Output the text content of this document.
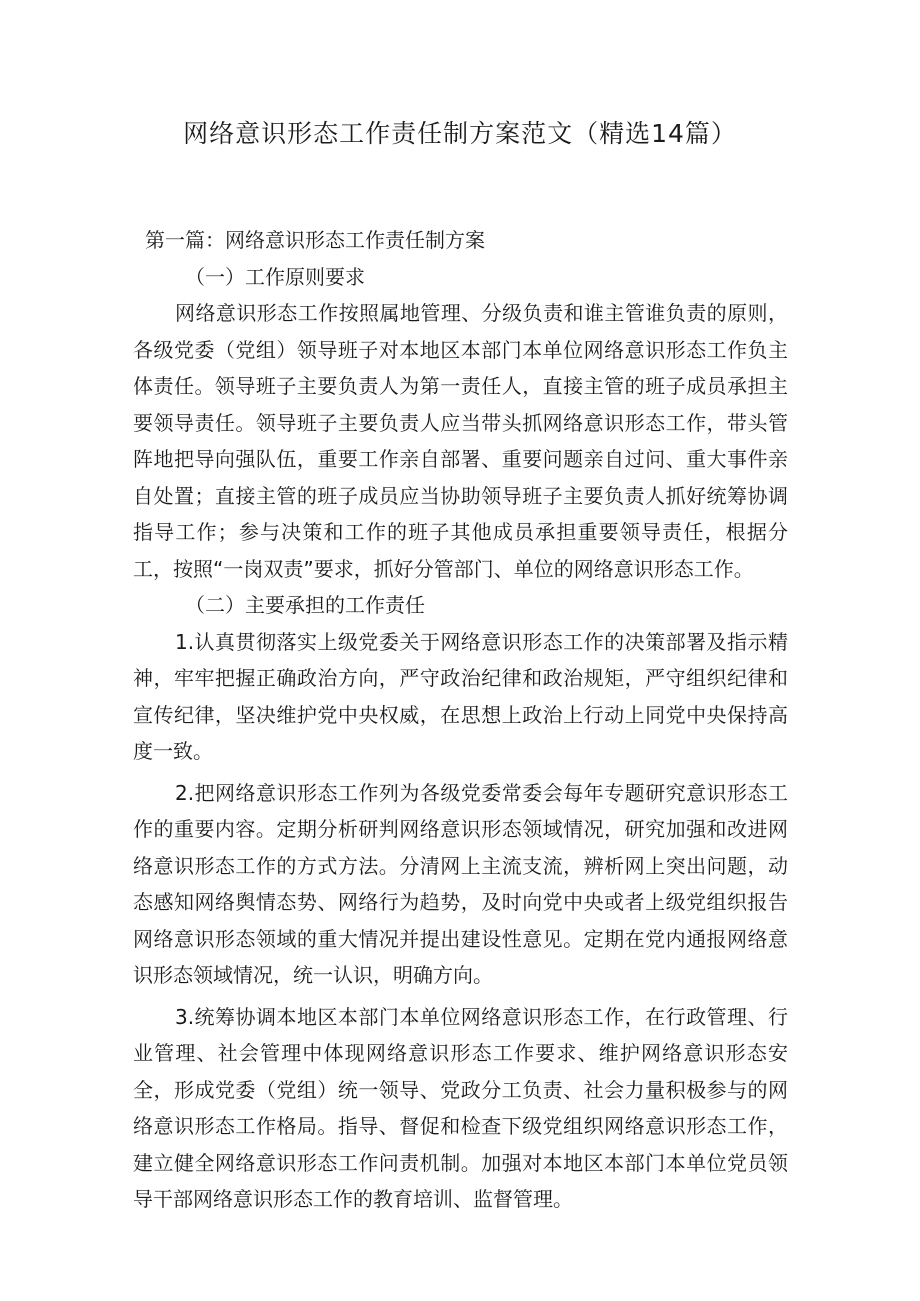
网络意识形态工作责任制方案范文（精选14篇）

第一篇：网络意识形态工作责任制方案

（一）工作原则要求

网络意识形态工作按照属地管理、分级负责和谁主管谁负责的原则，各级党委（党组）领导班子对本地区本部门本单位网络意识形态工作负主体责任。领导班子主要负责人为第一责任人，直接主管的班子成员承担主要领导责任。领导班子主要负责人应当带头抓网络意识形态工作，带头管阵地把导向强队伍，重要工作亲自部署、重要问题亲自过问、重大事件亲自处置；直接主管的班子成员应当协助领导班子主要负责人抓好统筹协调指导工作；参与决策和工作的班子其他成员承担重要领导责任，根据分工，按照“一岗双责”要求，抓好分管部门、单位的网络意识形态工作。

（二）主要承担的工作责任

1.认真贯彻落实上级党委关于网络意识形态工作的决策部署及指示精神，牢牢把握正确政治方向，严守政治纪律和政治规矩，严守组织纪律和宣传纪律，坚决维护党中央权威，在思想上政治上行动上同党中央保持高度一致。

2.把网络意识形态工作列为各级党委常委会每年专题研究意识形态工作的重要内容。定期分析研判网络意识形态领域情况，研究加强和改进网络意识形态工作的方式方法。分清网上主流支流，辨析网上突出问题，动态感知网络舆情态势、网络行为趋势，及时向党中央或者上级党组织报告网络意识形态领域的重大情况并提出建设性意见。定期在党内通报网络意识形态领域情况，统一认识，明确方向。

3.统筹协调本地区本部门本单位网络意识形态工作，在行政管理、行业管理、社会管理中体现网络意识形态工作要求、维护网络意识形态安全，形成党委（党组）统一领导、党政分工负责、社会力量积极参与的网络意识形态工作格局。指导、督促和检查下级党组织网络意识形态工作，建立健全网络意识形态工作问责机制。加强对本地区本部门本单位党员领导干部网络意识形态工作的教育培训、监督管理。
